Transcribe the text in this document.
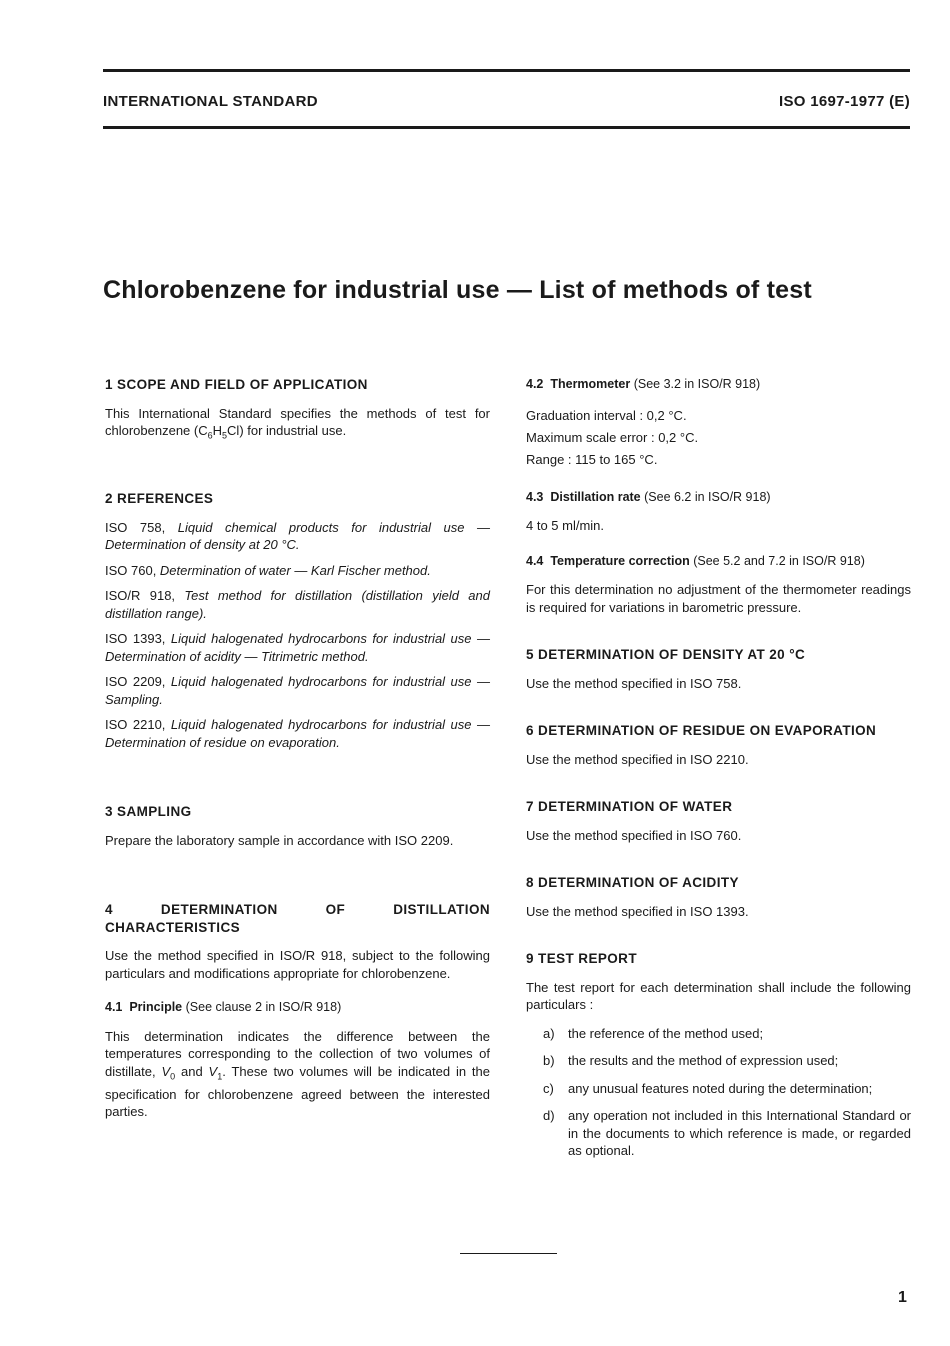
INTERNATIONAL STANDARD	ISO 1697-1977 (E)
Chlorobenzene for industrial use — List of methods of test

1 SCOPE AND FIELD OF APPLICATION

This International Standard specifies the methods of test for chlorobenzene $(C_6H_5Cl)$ for industrial use.

2 REFERENCES

ISO 758, Liquid chemical products for industrial use — Determination of density at 20 °C.

ISO 760, Determination of water — Karl Fischer method.

ISO/R 918, Test method for distillation (distillation yield and distillation range).

ISO 1393, Liquid halogenated hydrocarbons for industrial use — Determination of acidity — Titrimetric method.

ISO 2209, Liquid halogenated hydrocarbons for industrial use — Sampling.

ISO 2210, Liquid halogenated hydrocarbons for industrial use — Determination of residue on evaporation.

3 SAMPLING

Prepare the laboratory sample in accordance with ISO 2209.

4 DETERMINATION OF DISTILLATION CHARACTERISTICS

Use the method specified in ISO/R 918, subject to the following particulars and modifications appropriate for chlorobenzene.

4.1 Principle (See clause 2 in ISO/R 918)

This determination indicates the difference between the temperatures corresponding to the collection of two volumes of distillate, $V_0$ and $V_1$. These two volumes will be indicated in the specification for chlorobenzene agreed between the interested parties.

4.2 Thermometer (See 3.2 in ISO/R 918)

Graduation interval : 0,2 °C.
Maximum scale error : 0,2 °C.
Range : 115 to 165 °C.

4.3 Distillation rate (See 6.2 in ISO/R 918)

4 to 5 ml/min.

4.4 Temperature correction (See 5.2 and 7.2 in ISO/R 918)

For this determination no adjustment of the thermometer readings is required for variations in barometric pressure.

5 DETERMINATION OF DENSITY AT 20 °C

Use the method specified in ISO 758.

6 DETERMINATION OF RESIDUE ON EVAPORATION

Use the method specified in ISO 2210.

7 DETERMINATION OF WATER

Use the method specified in ISO 760.

8 DETERMINATION OF ACIDITY

Use the method specified in ISO 1393.

9 TEST REPORT

The test report for each determination shall include the following particulars :

a)	the reference of the method used;
b)	the results and the method of expression used;
c)	any unusual features noted during the determination;
d)	any operation not included in this International Standard or in the documents to which reference is made, or regarded as optional.
1
